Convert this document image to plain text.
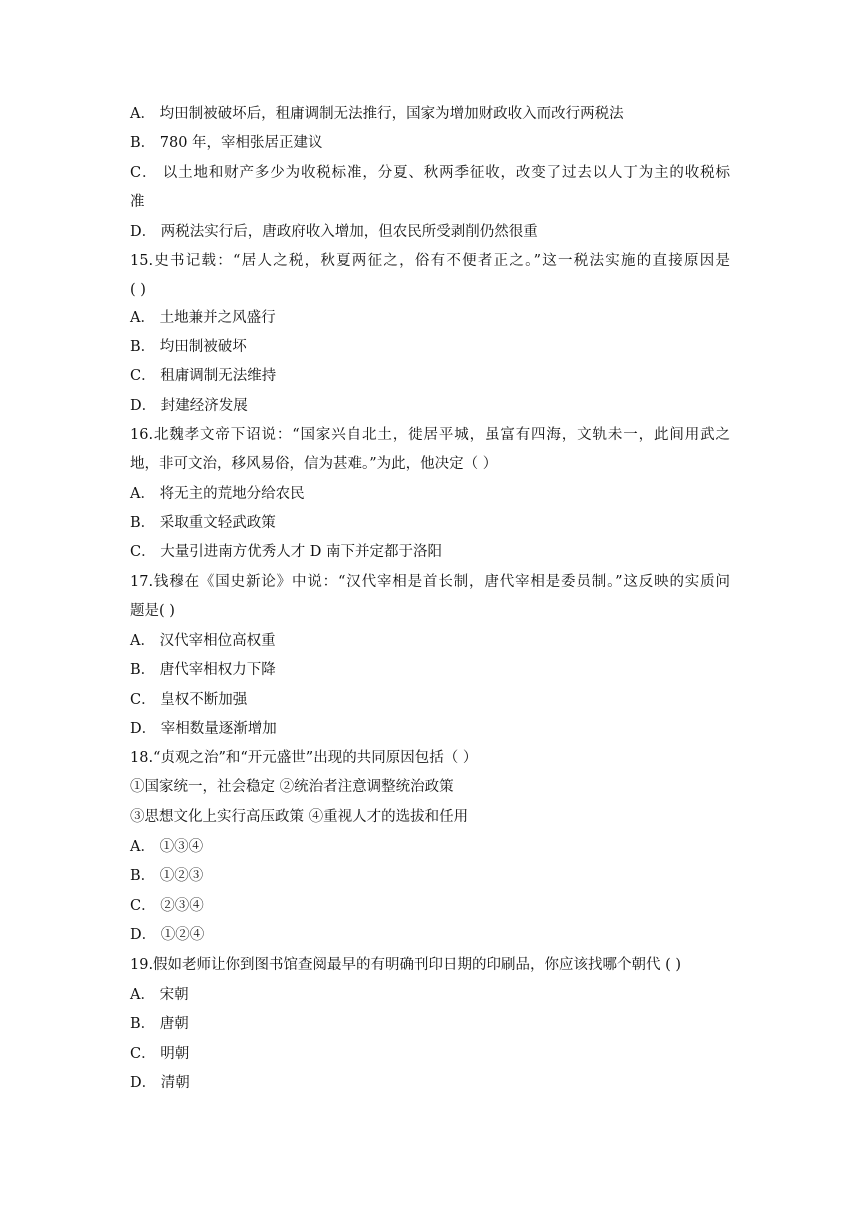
A． 均田制被破坏后，租庸调制无法推行，国家为增加财政收入而改行两税法
B． 780 年，宰相张居正建议
C． 以土地和财产多少为收税标准，分夏、秋两季征收，改变了过去以人丁为主的收税标
准
D． 两税法实行后，唐政府收入增加，但农民所受剥削仍然很重
15.史书记载：“居人之税，秋夏两征之，俗有不便者正之。”这一税法实施的直接原因是
( )
A． 土地兼并之风盛行
B． 均田制被破坏
C． 租庸调制无法维持
D． 封建经济发展
16.北魏孝文帝下诏说：“国家兴自北土，徙居平城，虽富有四海，文轨未一，此间用武之
地，非可文治，移风易俗，信为甚难。”为此，他决定（ ）
A． 将无主的荒地分给农民
B． 采取重文轻武政策
C． 大量引进南方优秀人才 D 南下并定都于洛阳
17.钱穆在《国史新论》中说：“汉代宰相是首长制，唐代宰相是委员制。”这反映的实质问
题是( )
A． 汉代宰相位高权重
B． 唐代宰相权力下降
C． 皇权不断加强
D． 宰相数量逐渐增加
18.“贞观之治”和“开元盛世”出现的共同原因包括（ ）
①国家统一，社会稳定 ②统治者注意调整统治政策
③思想文化上实行高压政策 ④重视人才的选拔和任用
A． ①③④
B． ①②③
C． ②③④
D． ①②④
19.假如老师让你到图书馆查阅最早的有明确刊印日期的印刷品，你应该找哪个朝代 ( )
A． 宋朝
B． 唐朝
C． 明朝
D． 清朝
